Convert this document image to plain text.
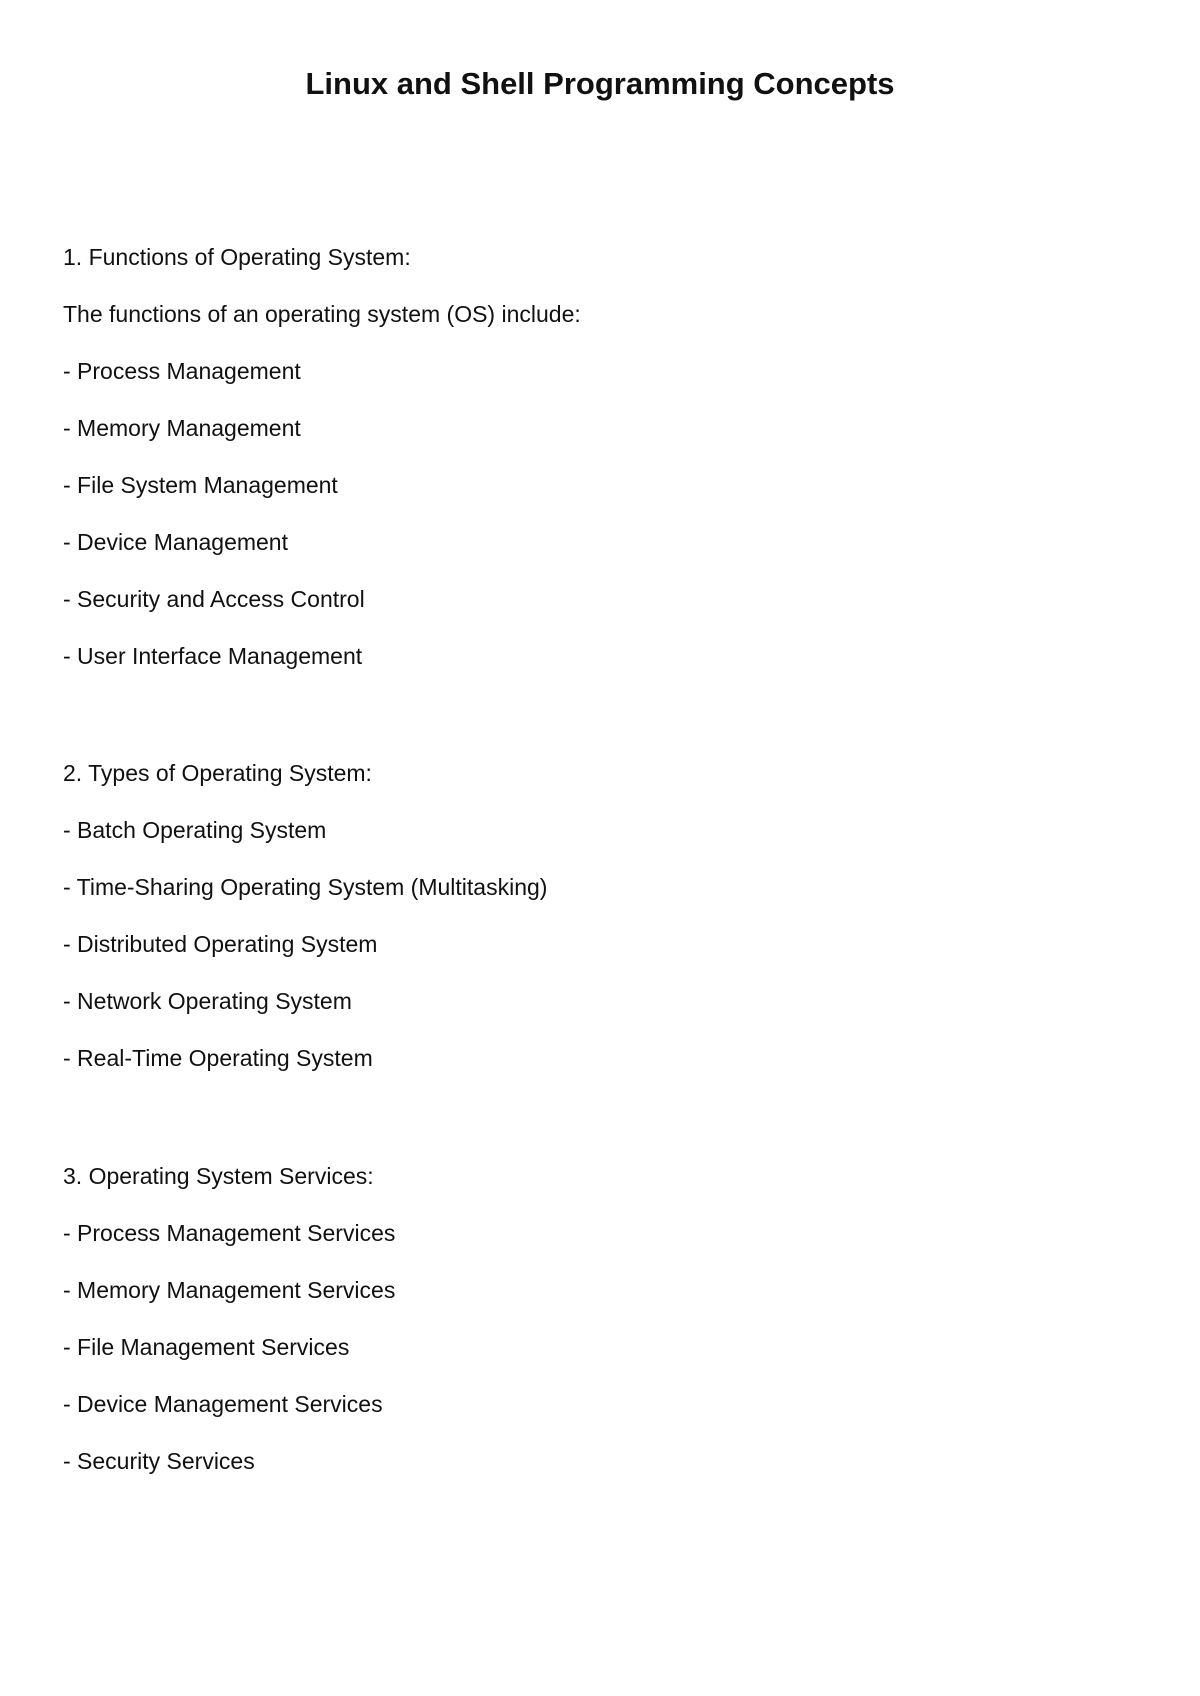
Linux and Shell Programming Concepts

1. Functions of Operating System:

The functions of an operating system (OS) include:

- Process Management

- Memory Management

- File System Management

- Device Management

- Security and Access Control

- User Interface Management

2. Types of Operating System:

- Batch Operating System

- Time-Sharing Operating System (Multitasking)

- Distributed Operating System

- Network Operating System

- Real-Time Operating System

3. Operating System Services:

- Process Management Services

- Memory Management Services

- File Management Services

- Device Management Services

- Security Services
